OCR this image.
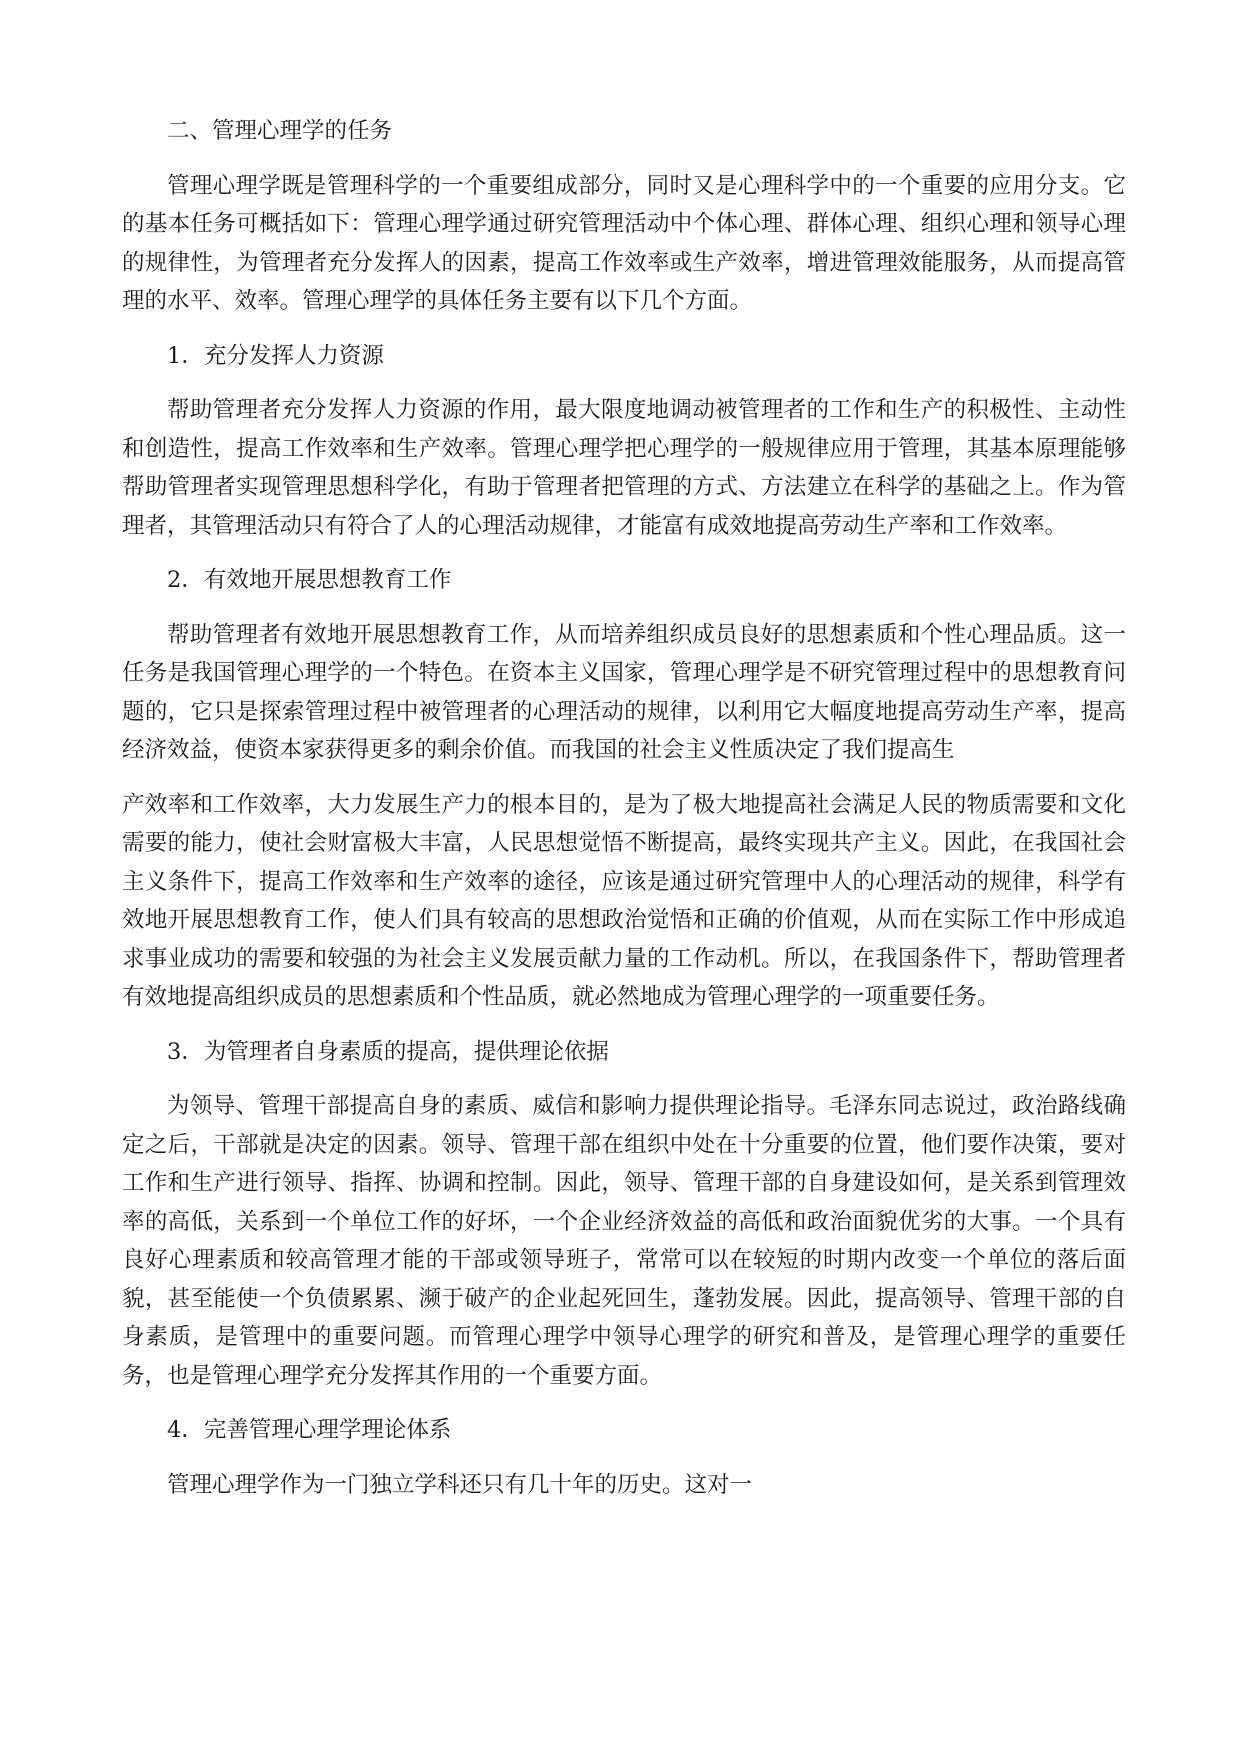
二、管理心理学的任务

管理心理学既是管理科学的一个重要组成部分，同时又是心理科学中的一个重要的应用分支。它的基本任务可概括如下：管理心理学通过研究管理活动中个体心理、群体心理、组织心理和领导心理的规律性，为管理者充分发挥人的因素，提高工作效率或生产效率，增进管理效能服务，从而提高管理的水平、效率。管理心理学的具体任务主要有以下几个方面。

1．充分发挥人力资源

帮助管理者充分发挥人力资源的作用，最大限度地调动被管理者的工作和生产的积极性、主动性和创造性，提高工作效率和生产效率。管理心理学把心理学的一般规律应用于管理，其基本原理能够帮助管理者实现管理思想科学化，有助于管理者把管理的方式、方法建立在科学的基础之上。作为管理者，其管理活动只有符合了人的心理活动规律，才能富有成效地提高劳动生产率和工作效率。

2．有效地开展思想教育工作

帮助管理者有效地开展思想教育工作，从而培养组织成员良好的思想素质和个性心理品质。这一任务是我国管理心理学的一个特色。在资本主义国家，管理心理学是不研究管理过程中的思想教育问题的，它只是探索管理过程中被管理者的心理活动的规律，以利用它大幅度地提高劳动生产率，提高经济效益，使资本家获得更多的剩余价值。而我国的社会主义性质决定了我们提高生

产效率和工作效率，大力发展生产力的根本目的，是为了极大地提高社会满足人民的物质需要和文化需要的能力，使社会财富极大丰富，人民思想觉悟不断提高，最终实现共产主义。因此，在我国社会主义条件下，提高工作效率和生产效率的途径，应该是通过研究管理中人的心理活动的规律，科学有效地开展思想教育工作，使人们具有较高的思想政治觉悟和正确的价值观，从而在实际工作中形成追求事业成功的需要和较强的为社会主义发展贡献力量的工作动机。所以，在我国条件下，帮助管理者有效地提高组织成员的思想素质和个性品质，就必然地成为管理心理学的一项重要任务。

3．为管理者自身素质的提高，提供理论依据

为领导、管理干部提高自身的素质、威信和影响力提供理论指导。毛泽东同志说过，政治路线确定之后，干部就是决定的因素。领导、管理干部在组织中处在十分重要的位置，他们要作决策，要对工作和生产进行领导、指挥、协调和控制。因此，领导、管理干部的自身建设如何，是关系到管理效率的高低，关系到一个单位工作的好坏，一个企业经济效益的高低和政治面貌优劣的大事。一个具有良好心理素质和较高管理才能的干部或领导班子，常常可以在较短的时期内改变一个单位的落后面貌，甚至能使一个负债累累、濒于破产的企业起死回生，蓬勃发展。因此，提高领导、管理干部的自身素质，是管理中的重要问题。而管理心理学中领导心理学的研究和普及，是管理心理学的重要任务，也是管理心理学充分发挥其作用的一个重要方面。

4．完善管理心理学理论体系

管理心理学作为一门独立学科还只有几十年的历史。这对一
